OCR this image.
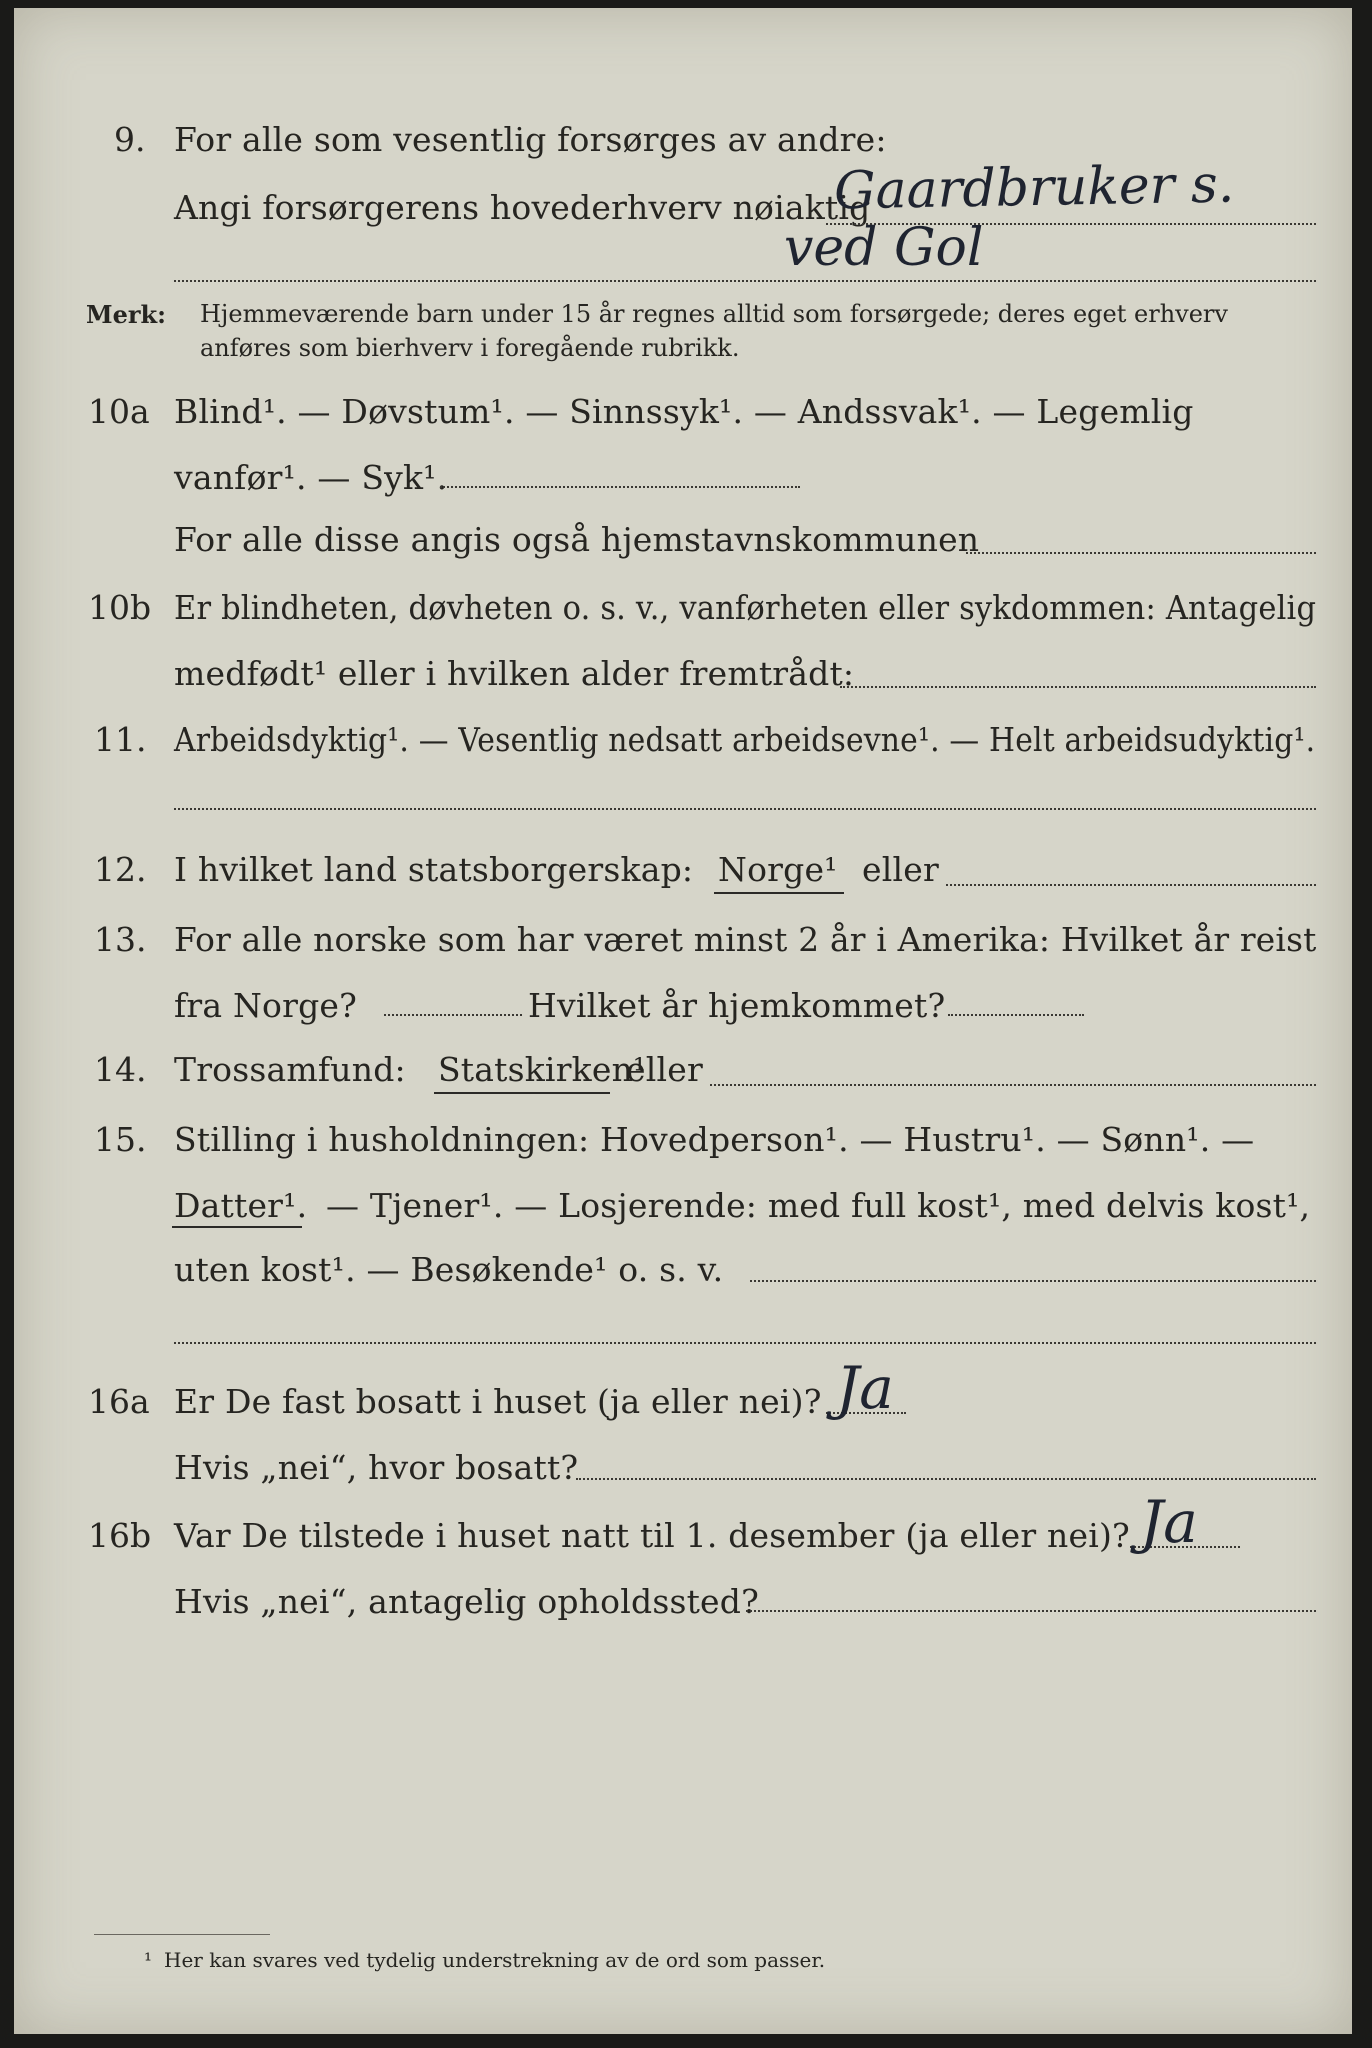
9. For alle som vesentlig forsørges av andre:
Angi forsørgerens hovederhverv nøiaktig
Gaardbruker s.
ved Gol
Merk: Hjemmeværende barn under 15 år regnes alltid som forsørgede; deres eget erhverv
anføres som bierhverv i foregående rubrikk.
10a Blind¹. — Døvstum¹. — Sinnssyk¹. — Andssvak¹. — Legemlig
vanfør¹. — Syk¹.
For alle disse angis også hjemstavnskommunen
10b Er blindheten, døvheten o. s. v., vanførheten eller sykdommen: Antagelig
medfødt¹ eller i hvilken alder fremtrådt:
11. Arbeidsdyktig¹. — Vesentlig nedsatt arbeidsevne¹. — Helt arbeidsudyktig¹.
12. I hvilket land statsborgerskap: Norge¹ eller
13. For alle norske som har været minst 2 år i Amerika: Hvilket år reist
fra Norge?	Hvilket år hjemkommet?
14. Trossamfund: Statskirken¹
eller
15. Stilling i husholdningen: Hovedperson¹. — Hustru¹. — Sønn¹. —
Datter¹. — Tjener¹. — Losjerende: med full kost¹, med delvis kost¹,
uten kost¹. — Besøkende¹ o. s. v.
16a Er De fast bosatt i huset (ja eller nei)? Ja
Hvis „nei“, hvor bosatt?
16b Var De tilstede i huset natt til 1. desember (ja eller nei)? Ja
Hvis „nei“, antagelig opholdssted?
¹ Her kan svares ved tydelig understrekning av de ord som passer.
